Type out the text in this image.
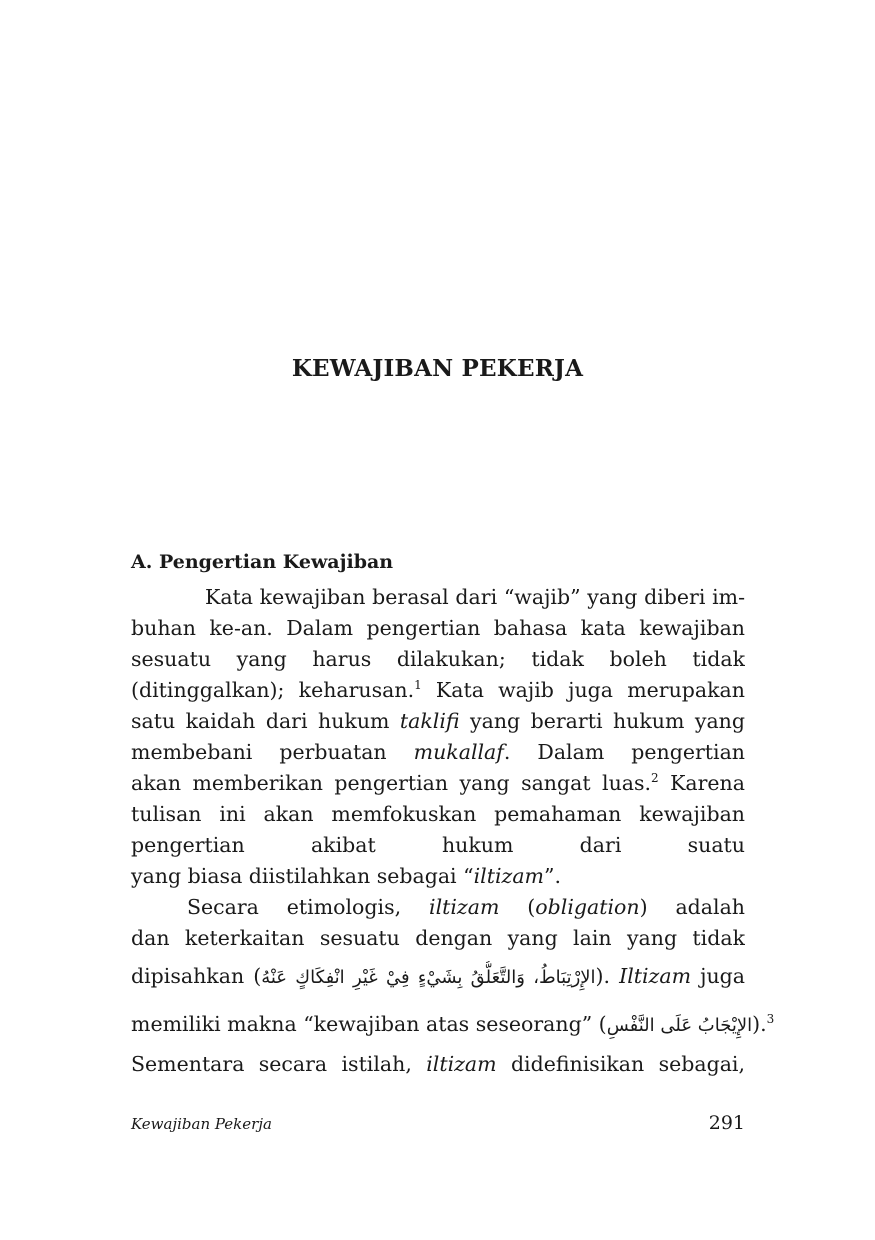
KEWAJIBAN PEKERJA
A. Pengertian Kewajiban

Kata kewajiban berasal dari “wajib” yang diberi im-

buhan ke-an. Dalam pengertian bahasa kata kewajiban

sesuatu yang harus dilakukan; tidak boleh tidak

(ditinggalkan); keharusan.$^1$ Kata wajib juga merupakan

satu kaidah dari hukum taklifi yang berarti hukum yang

membebani perbuatan mukallaf. Dalam pengertian

akan memberikan pengertian yang sangat luas.$^2$ Karena

tulisan ini akan memfokuskan pemahaman kewajiban

pengertian akibat hukum dari suatu

yang biasa diistilahkan sebagai “iltizam”.

Secara etimologis, iltizam (obligation) adalah

dan keterkaitan sesuatu dengan yang lain yang tidak

dipisahkan (الإِرْتِبَاطُ، وَالتَّعَلُّقُ بِشَيْءٍ فِيْ غَيْرِ انْفِكَاكٍ عَنْهُ). Iltizam juga

memiliki makna “kewajiban atas seseorang” (الإِيْجَابُ عَلَى النَّفْسِ).$^3$

Sementara secara istilah, iltizam didefinisikan sebagai,

Kewajiban Pekerja	291
